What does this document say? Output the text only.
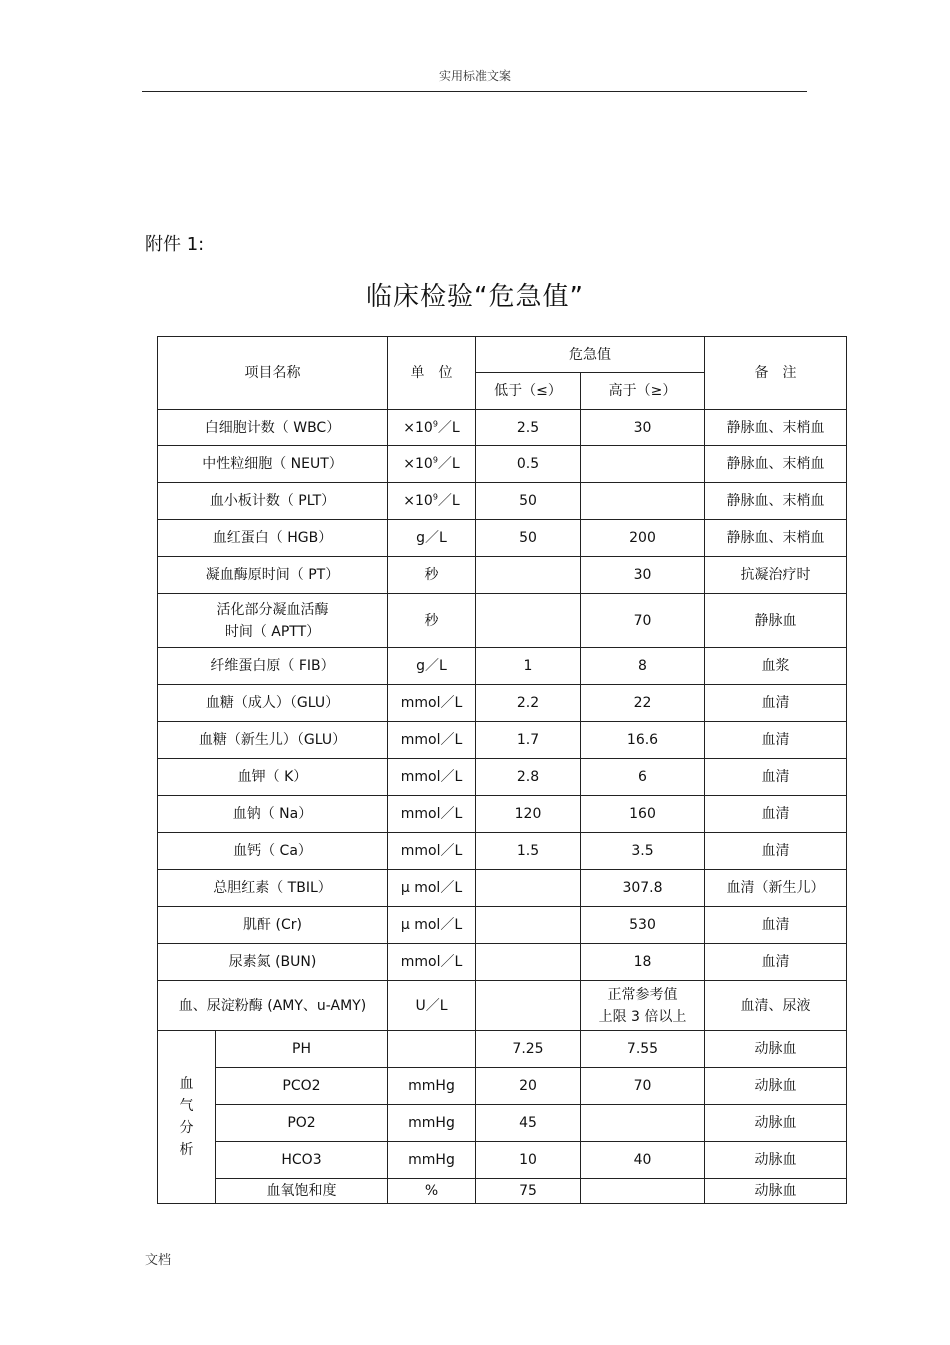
实用标准文案
附件 1:
临床检验“危急值”
项目名称		单　位	危急值		备　注
			低于（≤）	高于（≥）	
白细胞计数（ WBC）		$\times 10^9/L$	2.5	30	静脉血、末梢血
中性粒细胞（ NEUT）		$\times 10^9/L$	0.5		静脉血、末梢血
血小板计数（ PLT）		$\times 10^9/L$	50		静脉血、末梢血
血红蛋白（ HGB）		g／L	50	200	静脉血、末梢血
凝血酶原时间（ PT）		秒		30	抗凝治疗时

活化部分凝血活酶
时间（ APTT）		秒		70	静脉血
纤维蛋白原（ FIB）		g／L	1	8	血浆
血糖（成人）（GLU）		mmol／L	2.2	22	血清
血糖（新生儿）（GLU）		mmol／L	1.7	16.6	血清
血钾（ K）		mmol／L	2.8	6	血清
血钠（ Na）		mmol／L	120	160	血清
血钙（ Ca）		mmol／L	1.5	3.5	血清
总胆红素（ TBIL）		μ mol／L		307.8	血清（新生儿）
肌酐 (Cr)		μ mol／L		530	血清
尿素氮 (BUN)		mmol／L		18	血清
血、尿淀粉酶 (AMY、u-AMY)		U／L		正常参考值
上限 3 倍以上	血清、尿液

血
气
分
析	PH		7.25	7.55	动脉血
	PCO2	mmHg	20	70	动脉血
	PO2	mmHg	45		动脉血
	HCO3	mmHg	10	40	动脉血
	血氧饱和度	%	75		动脉血
文档
